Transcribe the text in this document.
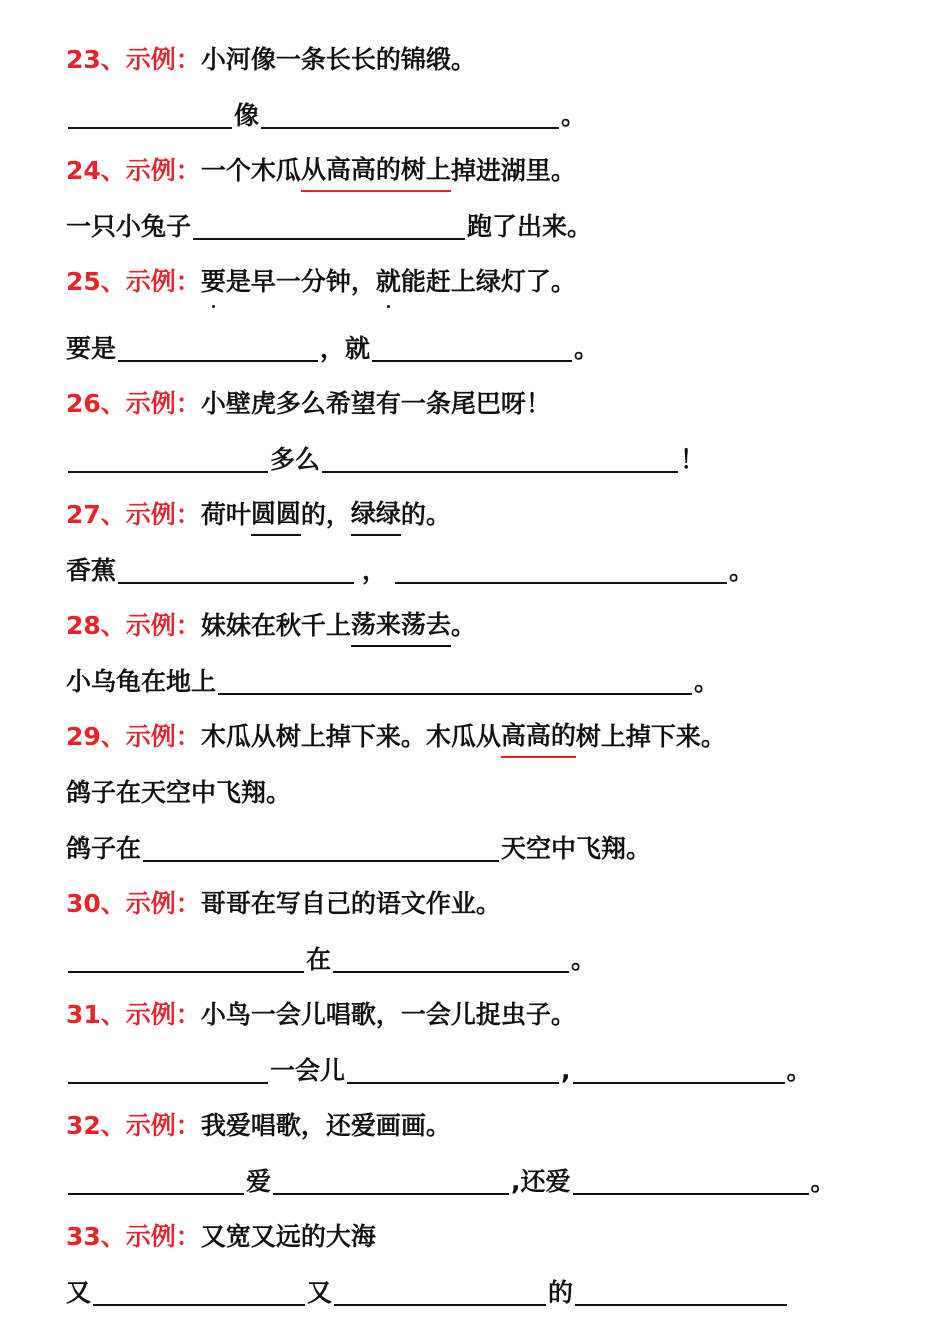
23、 示例： 小河像一条长长的锦缎。
像	。
24、 示例： 一个木瓜 从高高的树上 掉进湖里。
一只小兔子	跑了出来。
25、 示例： 要 是早一分钟， 就 能赶上绿灯了。
要是	，就	。
26、 示例： 小壁虎多么希望有一条尾巴呀！
多么	！
27、 示例： 荷叶 圆圆 的， 绿绿 的。
香蕉	，	。
28、 示例： 妹妹在秋千上 荡来荡去 。
小乌龟在地上	。
29、 示例： 木瓜从树上掉下来。木瓜从 高高的 树上掉下来。
鸽子在天空中飞翔。
鸽子在	天空中飞翔。
30、 示例： 哥哥在写自己的语文作业。
在	。
31、 示例： 小鸟一会儿唱歌，一会儿捉虫子。
一会儿	,	。
32、 示例： 我爱唱歌，还爱画画。
爱	,还爱	。
33、 示例： 又宽又远的大海
又	又	的
